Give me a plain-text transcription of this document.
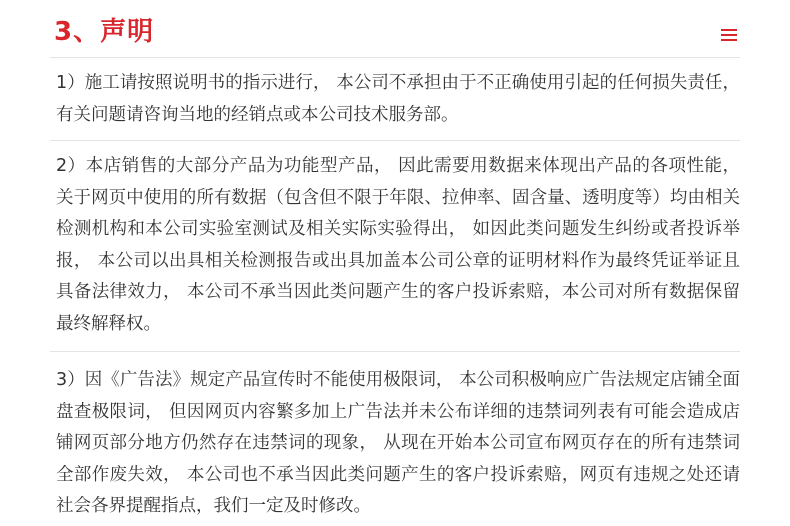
3、声明

1）施工请按照说明书的指示进行， 本公司不承担由于不正确使用引起的任何损失责任，有关问题请咨询当地的经销点或本公司技术服务部。

2）本店销售的大部分产品为功能型产品， 因此需要用数据来体现出产品的各项性能， 关于网页中使用的所有数据（包含但不限于年限、拉伸率、固含量、透明度等）均由相关检测机构和本公司实验室测试及相关实际实验得出， 如因此类问题发生纠纷或者投诉举报， 本公司以出具相关检测报告或出具加盖本公司公章的证明材料作为最终凭证举证且具备法律效力， 本公司不承当因此类问题产生的客户投诉索赔，本公司对所有数据保留最终解释权。

3）因《广告法》规定产品宣传时不能使用极限词， 本公司积极响应广告法规定店铺全面盘查极限词， 但因网页内容繁多加上广告法并未公布详细的违禁词列表有可能会造成店铺网页部分地方仍然存在违禁词的现象， 从现在开始本公司宣布网页存在的所有违禁词全部作废失效， 本公司也不承当因此类问题产生的客户投诉索赔，网页有违规之处还请社会各界提醒指点，我们一定及时修改。
